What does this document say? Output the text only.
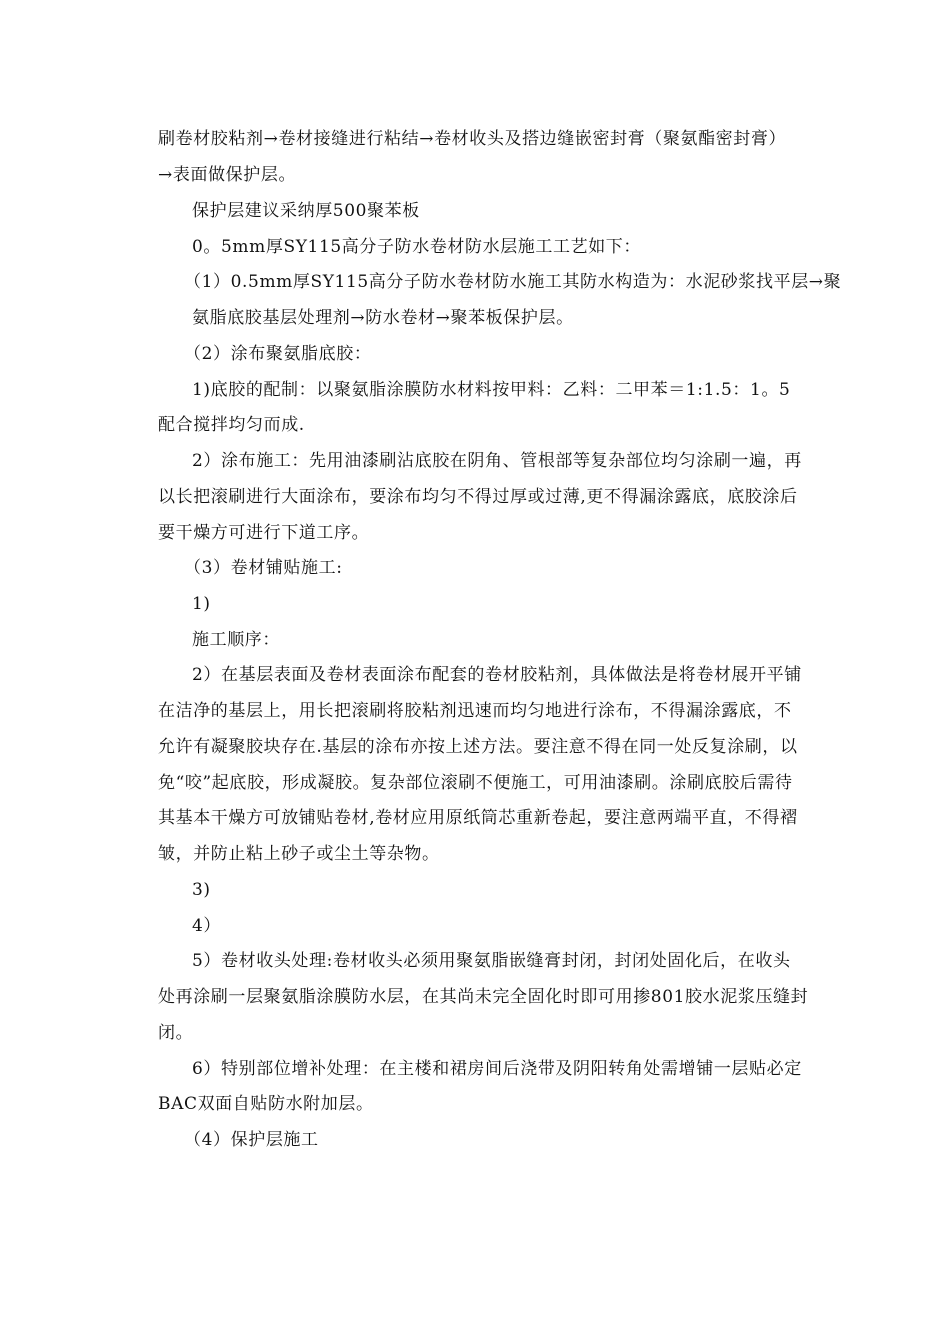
刷卷材胶粘剂→卷材接缝进行粘结→卷材收头及搭边缝嵌密封膏（聚氨酯密封膏）
→表面做保护层。
保护层建议采纳厚500聚苯板
0。5mm厚SY115高分子防水卷材防水层施工工艺如下：
（1）0.5mm厚SY115高分子防水卷材防水施工其防水构造为：水泥砂浆找平层→聚
氨脂底胶基层处理剂→防水卷材→聚苯板保护层。
（2）涂布聚氨脂底胶：
1)底胶的配制：以聚氨脂涂膜防水材料按甲料：乙料：二甲苯＝1:1.5：1。5
配合搅拌均匀而成.
2）涂布施工：先用油漆刷沾底胶在阴角、管根部等复杂部位均匀涂刷一遍，再
以长把滚刷进行大面涂布，要涂布均匀不得过厚或过薄,更不得漏涂露底，底胶涂后
要干燥方可进行下道工序。
（3）卷材铺贴施工:
1)
施工顺序：
2）在基层表面及卷材表面涂布配套的卷材胶粘剂，具体做法是将卷材展开平铺
在洁净的基层上，用长把滚刷将胶粘剂迅速而均匀地进行涂布，不得漏涂露底，不
允许有凝聚胶块存在.基层的涂布亦按上述方法。要注意不得在同一处反复涂刷，以
免“咬”起底胶，形成凝胶。复杂部位滚刷不便施工，可用油漆刷。涂刷底胶后需待
其基本干燥方可放铺贴卷材,卷材应用原纸筒芯重新卷起，要注意两端平直，不得褶
皱，并防止粘上砂子或尘土等杂物。
3)
4）
5）卷材收头处理:卷材收头必须用聚氨脂嵌缝膏封闭，封闭处固化后，在收头
处再涂刷一层聚氨脂涂膜防水层，在其尚未完全固化时即可用掺801胶水泥浆压缝封
闭。
6）特别部位增补处理：在主楼和裙房间后浇带及阴阳转角处需增铺一层贴必定
BAC双面自贴防水附加层。
（4）保护层施工
